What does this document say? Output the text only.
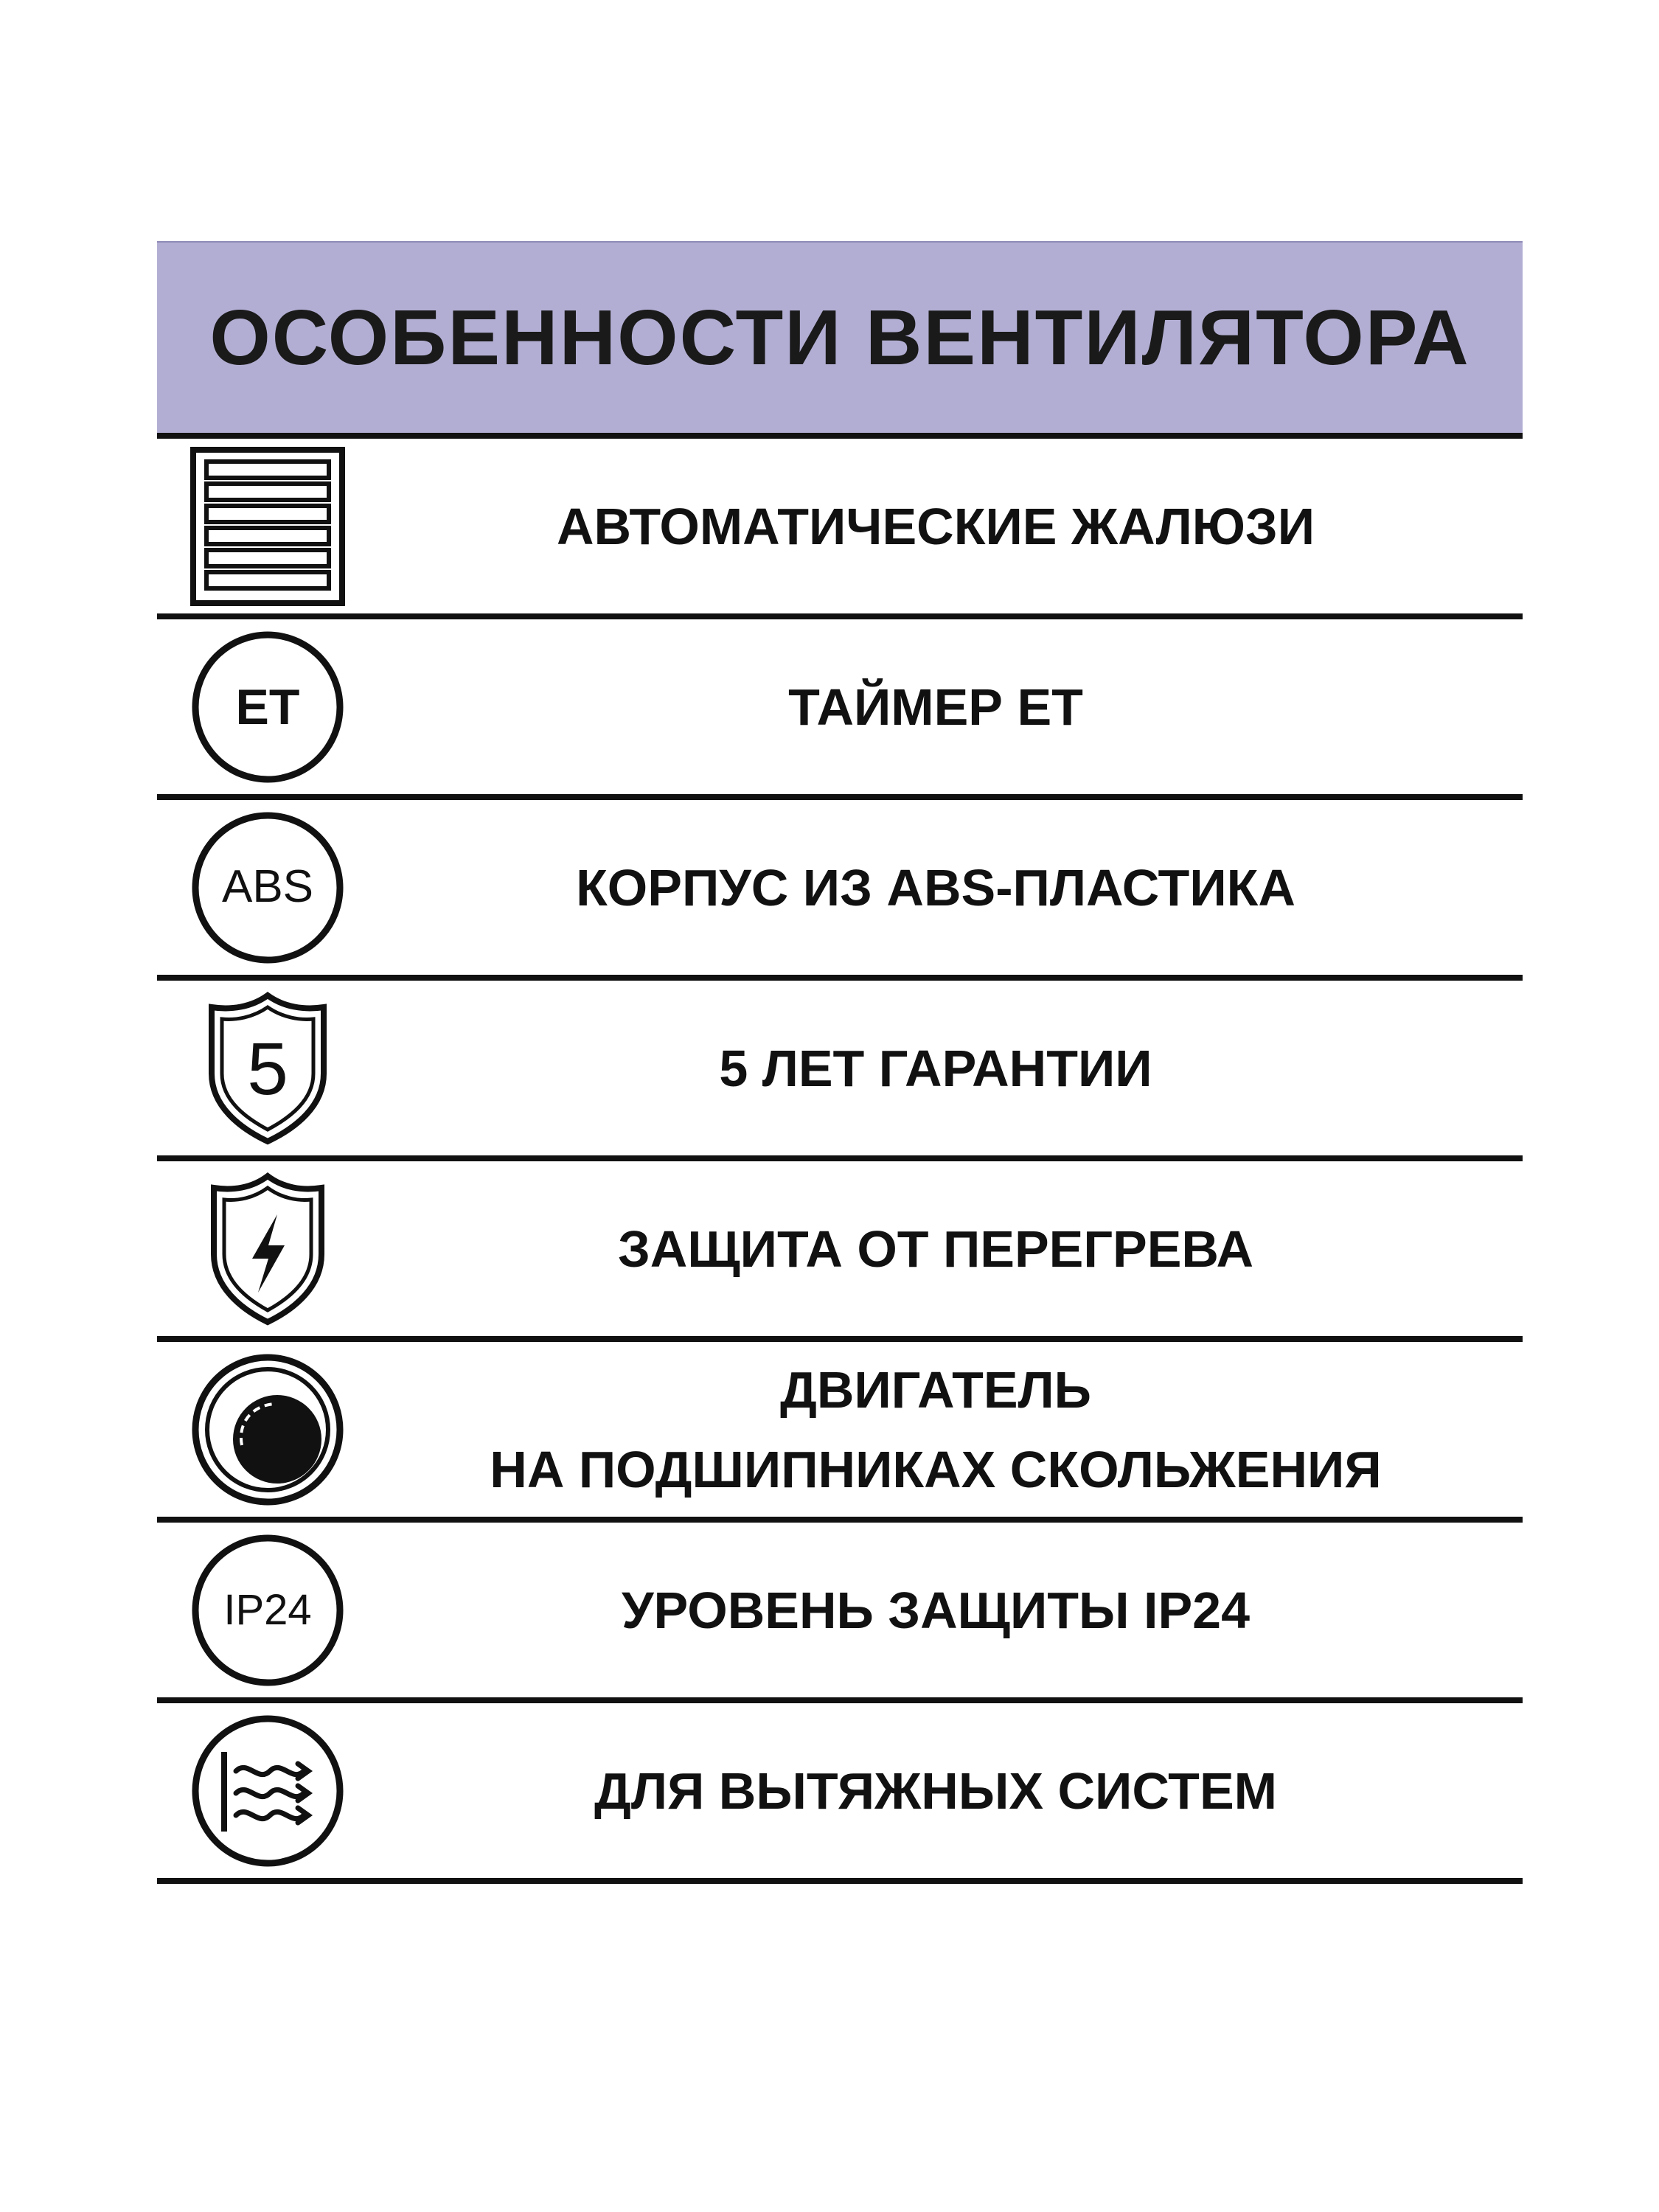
ОСОБЕННОСТИ ВЕНТИЛЯТОРА
АВТОМАТИЧЕСКИЕ ЖАЛЮЗИ
ET	ТАЙМЕР ET
ABS	КОРПУС ИЗ ABS-ПЛАСТИКА
5	5 ЛЕТ ГАРАНТИИ
ЗАЩИТА ОТ ПЕРЕГРЕВА
ДВИГАТЕЛЬ
НА ПОДШИПНИКАХ СКОЛЬЖЕНИЯ
IP24	УРОВЕНЬ ЗАЩИТЫ IP24
ДЛЯ ВЫТЯЖНЫХ СИСТЕМ
